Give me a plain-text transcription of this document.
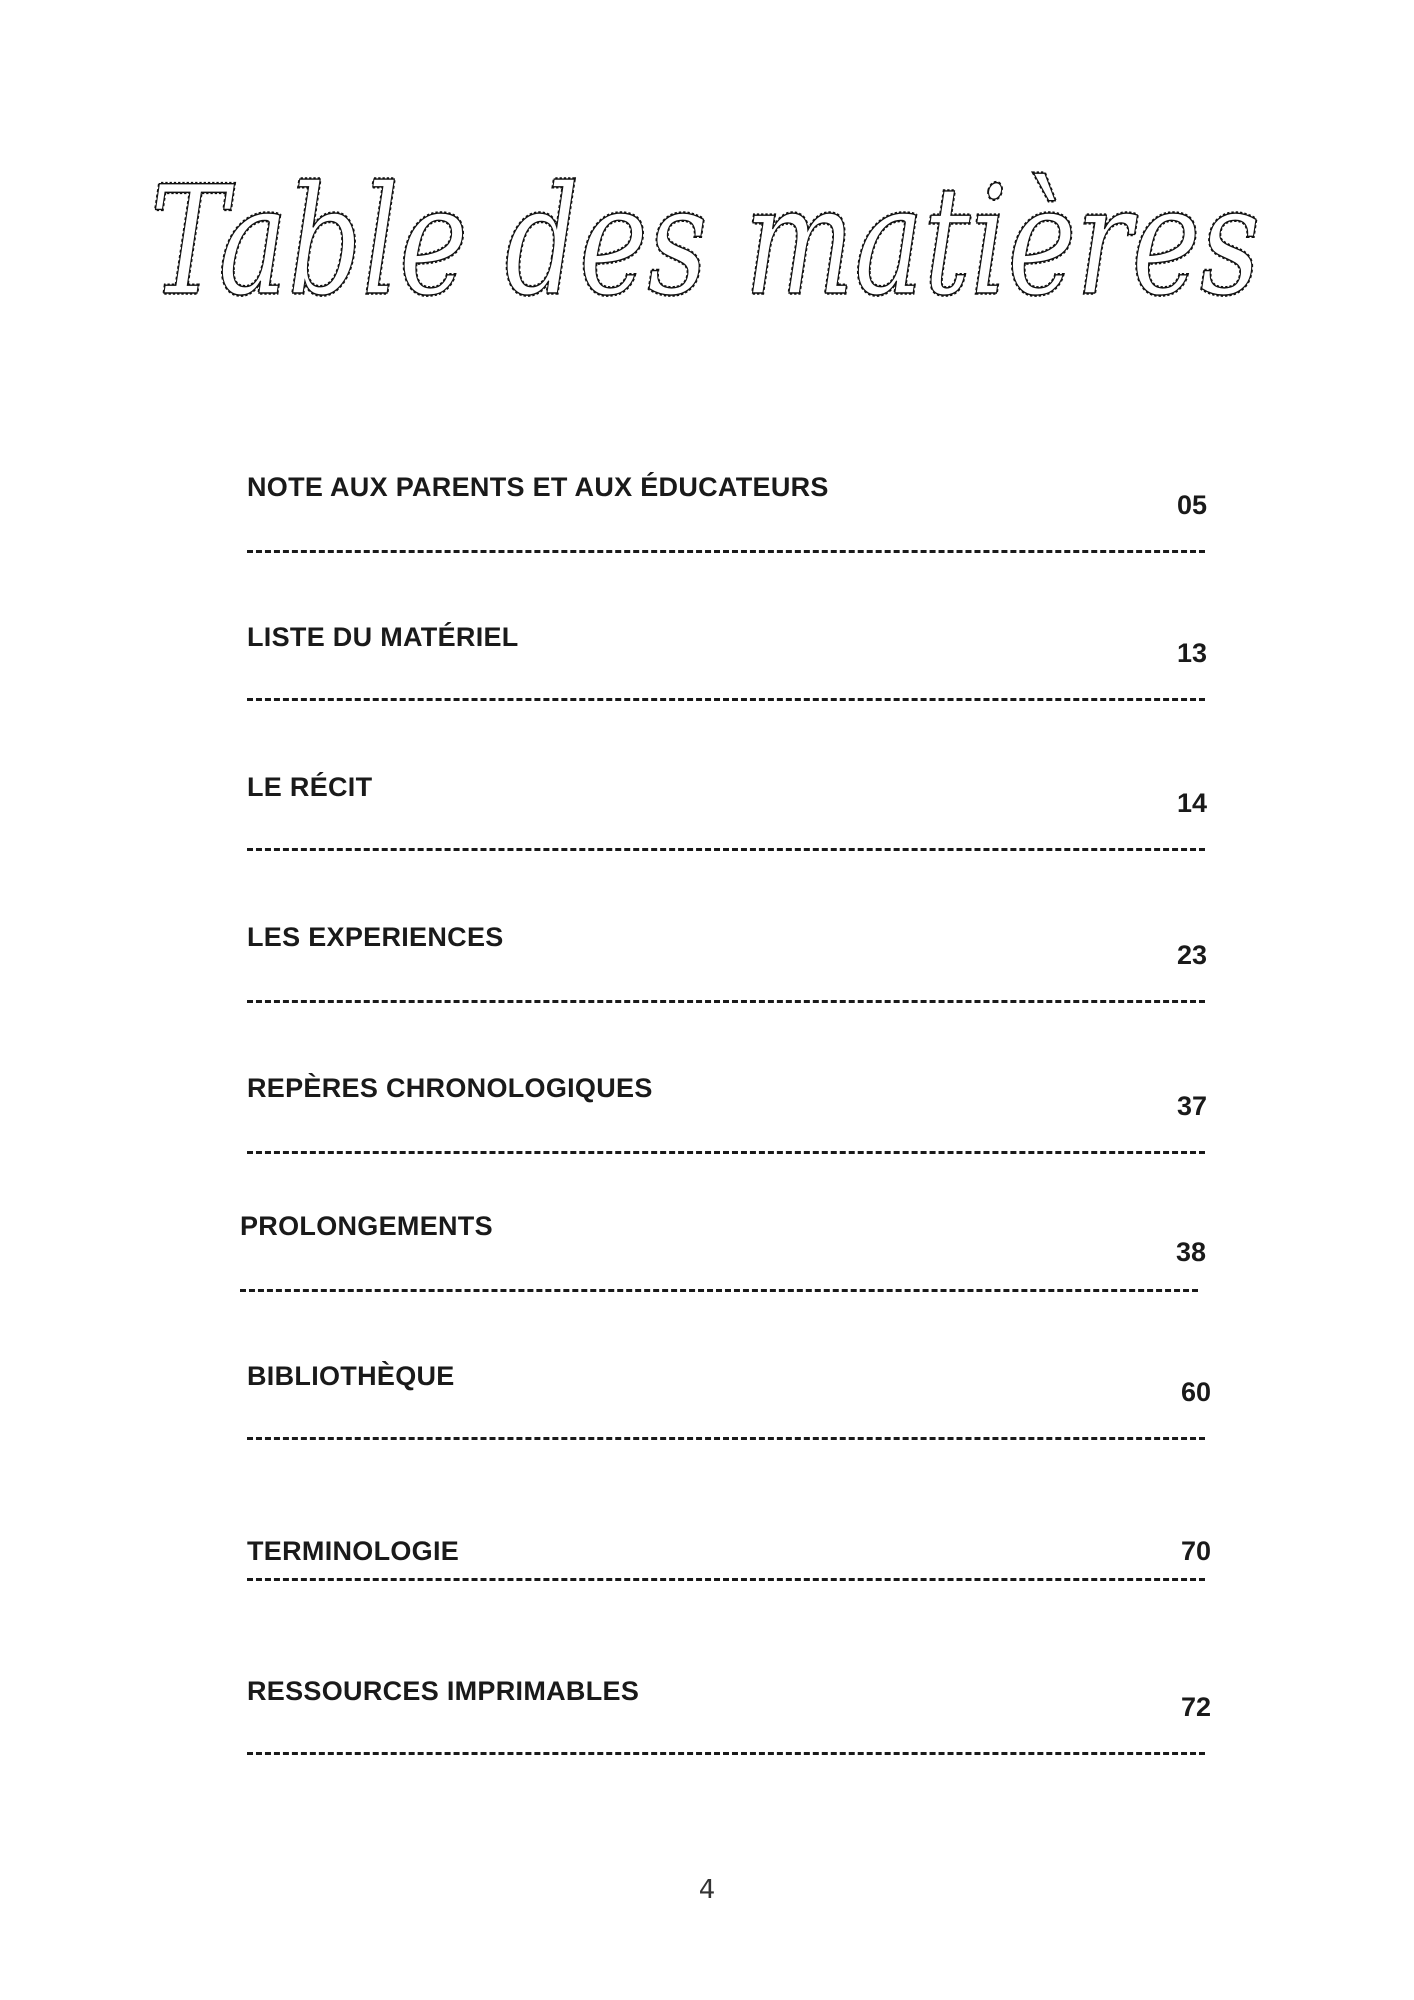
Table des matières
Table des matières
NOTE AUX PARENTS ET AUX ÉDUCATEURS
05
LISTE DU MATÉRIEL
13
LE RÉCIT
14
LES EXPERIENCES
23
REPÈRES CHRONOLOGIQUES
37
PROLONGEMENTS
38
BIBLIOTHÈQUE
60
TERMINOLOGIE	70
RESSOURCES IMPRIMABLES
72
4
